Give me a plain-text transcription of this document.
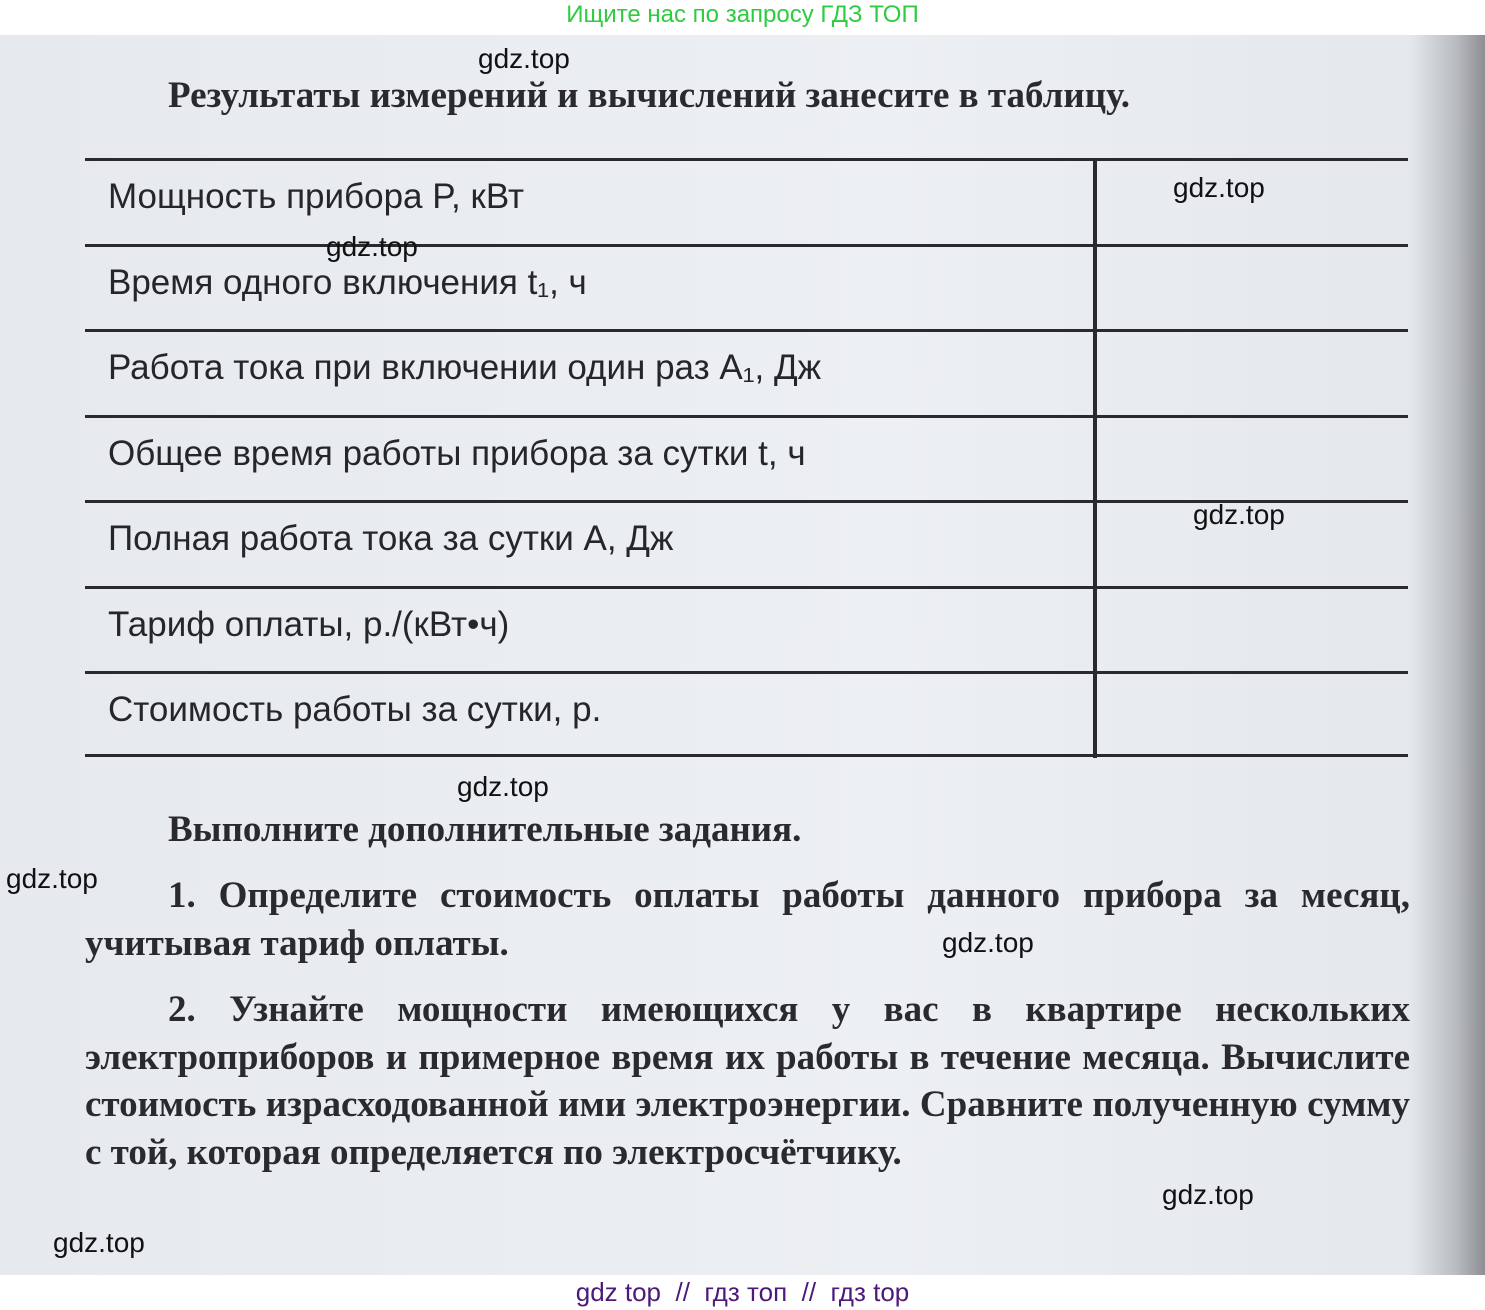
Ищите нас по запросу ГДЗ ТОП
Результаты измерений и вычислений занесите в таблицу.
Мощность прибора P, кВт
Время одного включения t₁, ч
Работа тока при включении один раз A₁, Дж
Общее время работы прибора за сутки t, ч
Полная работа тока за сутки A, Дж
Тариф оплаты, р./(кВт•ч)
Стоимость работы за сутки, р.
Выполните дополнительные задания.
1. Определите стоимость оплаты работы данного прибора за месяц, учитывая тариф оплаты.
2. Узнайте мощности имеющихся у вас в квартире нескольких электроприборов и примерное время их работы в течение месяца. Вычислите стоимость израсходованной ими электроэнергии. Сравните полученную сумму с той, которая определяется по электросчётчику.
gdz.top
gdz.top
gdz.top
gdz.top
gdz.top
gdz.top
gdz.top
gdz.top
gdz.top
gdz top  //  гдз топ  //  гдз top
